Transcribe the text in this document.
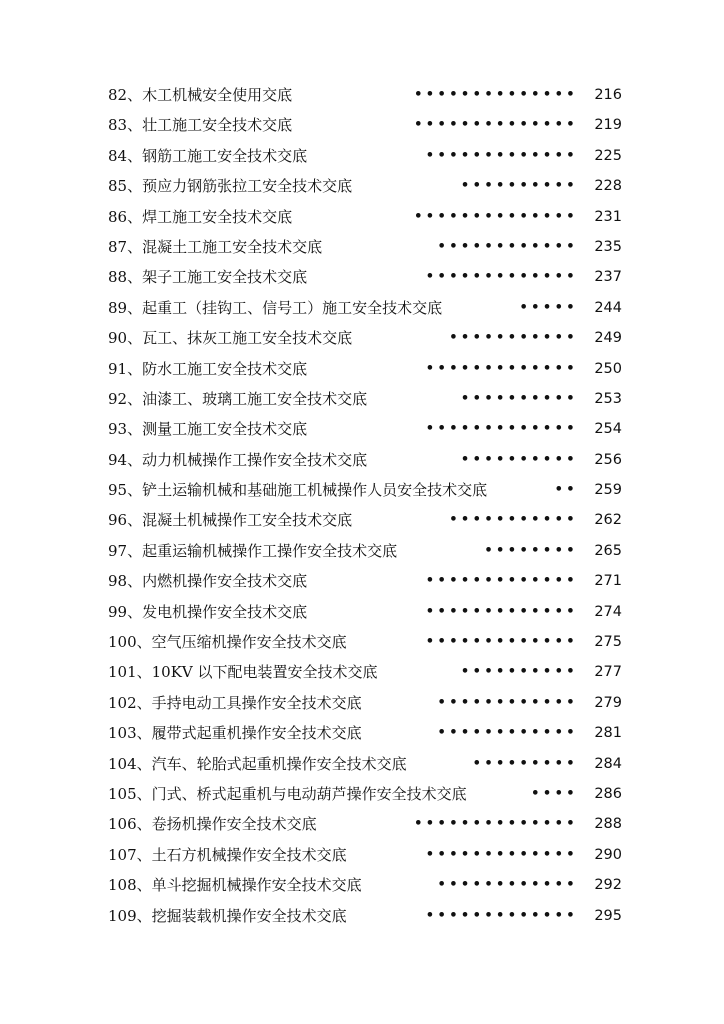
82、木工机械安全使用交底	•••••••••••••• 216
83、壮工施工安全技术交底	•••••••••••••• 219
84、钢筋工施工安全技术交底	••••••••••••• 225
85、预应力钢筋张拉工安全技术交底	•••••••••• 228
86、焊工施工安全技术交底	•••••••••••••• 231
87、混凝土工施工安全技术交底	•••••••••••• 235
88、架子工施工安全技术交底	••••••••••••• 237
89、起重工（挂钩工、信号工）施工安全技术交底	••••• 244
90、瓦工、抹灰工施工安全技术交底	••••••••••• 249
91、防水工施工安全技术交底	••••••••••••• 250
92、油漆工、玻璃工施工安全技术交底	•••••••••• 253
93、测量工施工安全技术交底	••••••••••••• 254
94、动力机械操作工操作安全技术交底	•••••••••• 256
95、铲土运输机械和基础施工机械操作人员安全技术交底	•• 259
96、混凝土机械操作工安全技术交底	••••••••••• 262
97、起重运输机械操作工操作安全技术交底	•••••••• 265
98、内燃机操作安全技术交底	••••••••••••• 271
99、发电机操作安全技术交底	••••••••••••• 274
100、空气压缩机操作安全技术交底	••••••••••••• 275
101、10KV 以下配电装置安全技术交底	•••••••••• 277
102、手持电动工具操作安全技术交底	•••••••••••• 279
103、履带式起重机操作安全技术交底	•••••••••••• 281
104、汽车、轮胎式起重机操作安全技术交底	••••••••• 284
105、门式、桥式起重机与电动葫芦操作安全技术交底	•••• 286
106、卷扬机操作安全技术交底	•••••••••••••• 288
107、土石方机械操作安全技术交底	••••••••••••• 290
108、单斗挖掘机械操作安全技术交底	•••••••••••• 292
109、挖掘装载机操作安全技术交底	••••••••••••• 295
